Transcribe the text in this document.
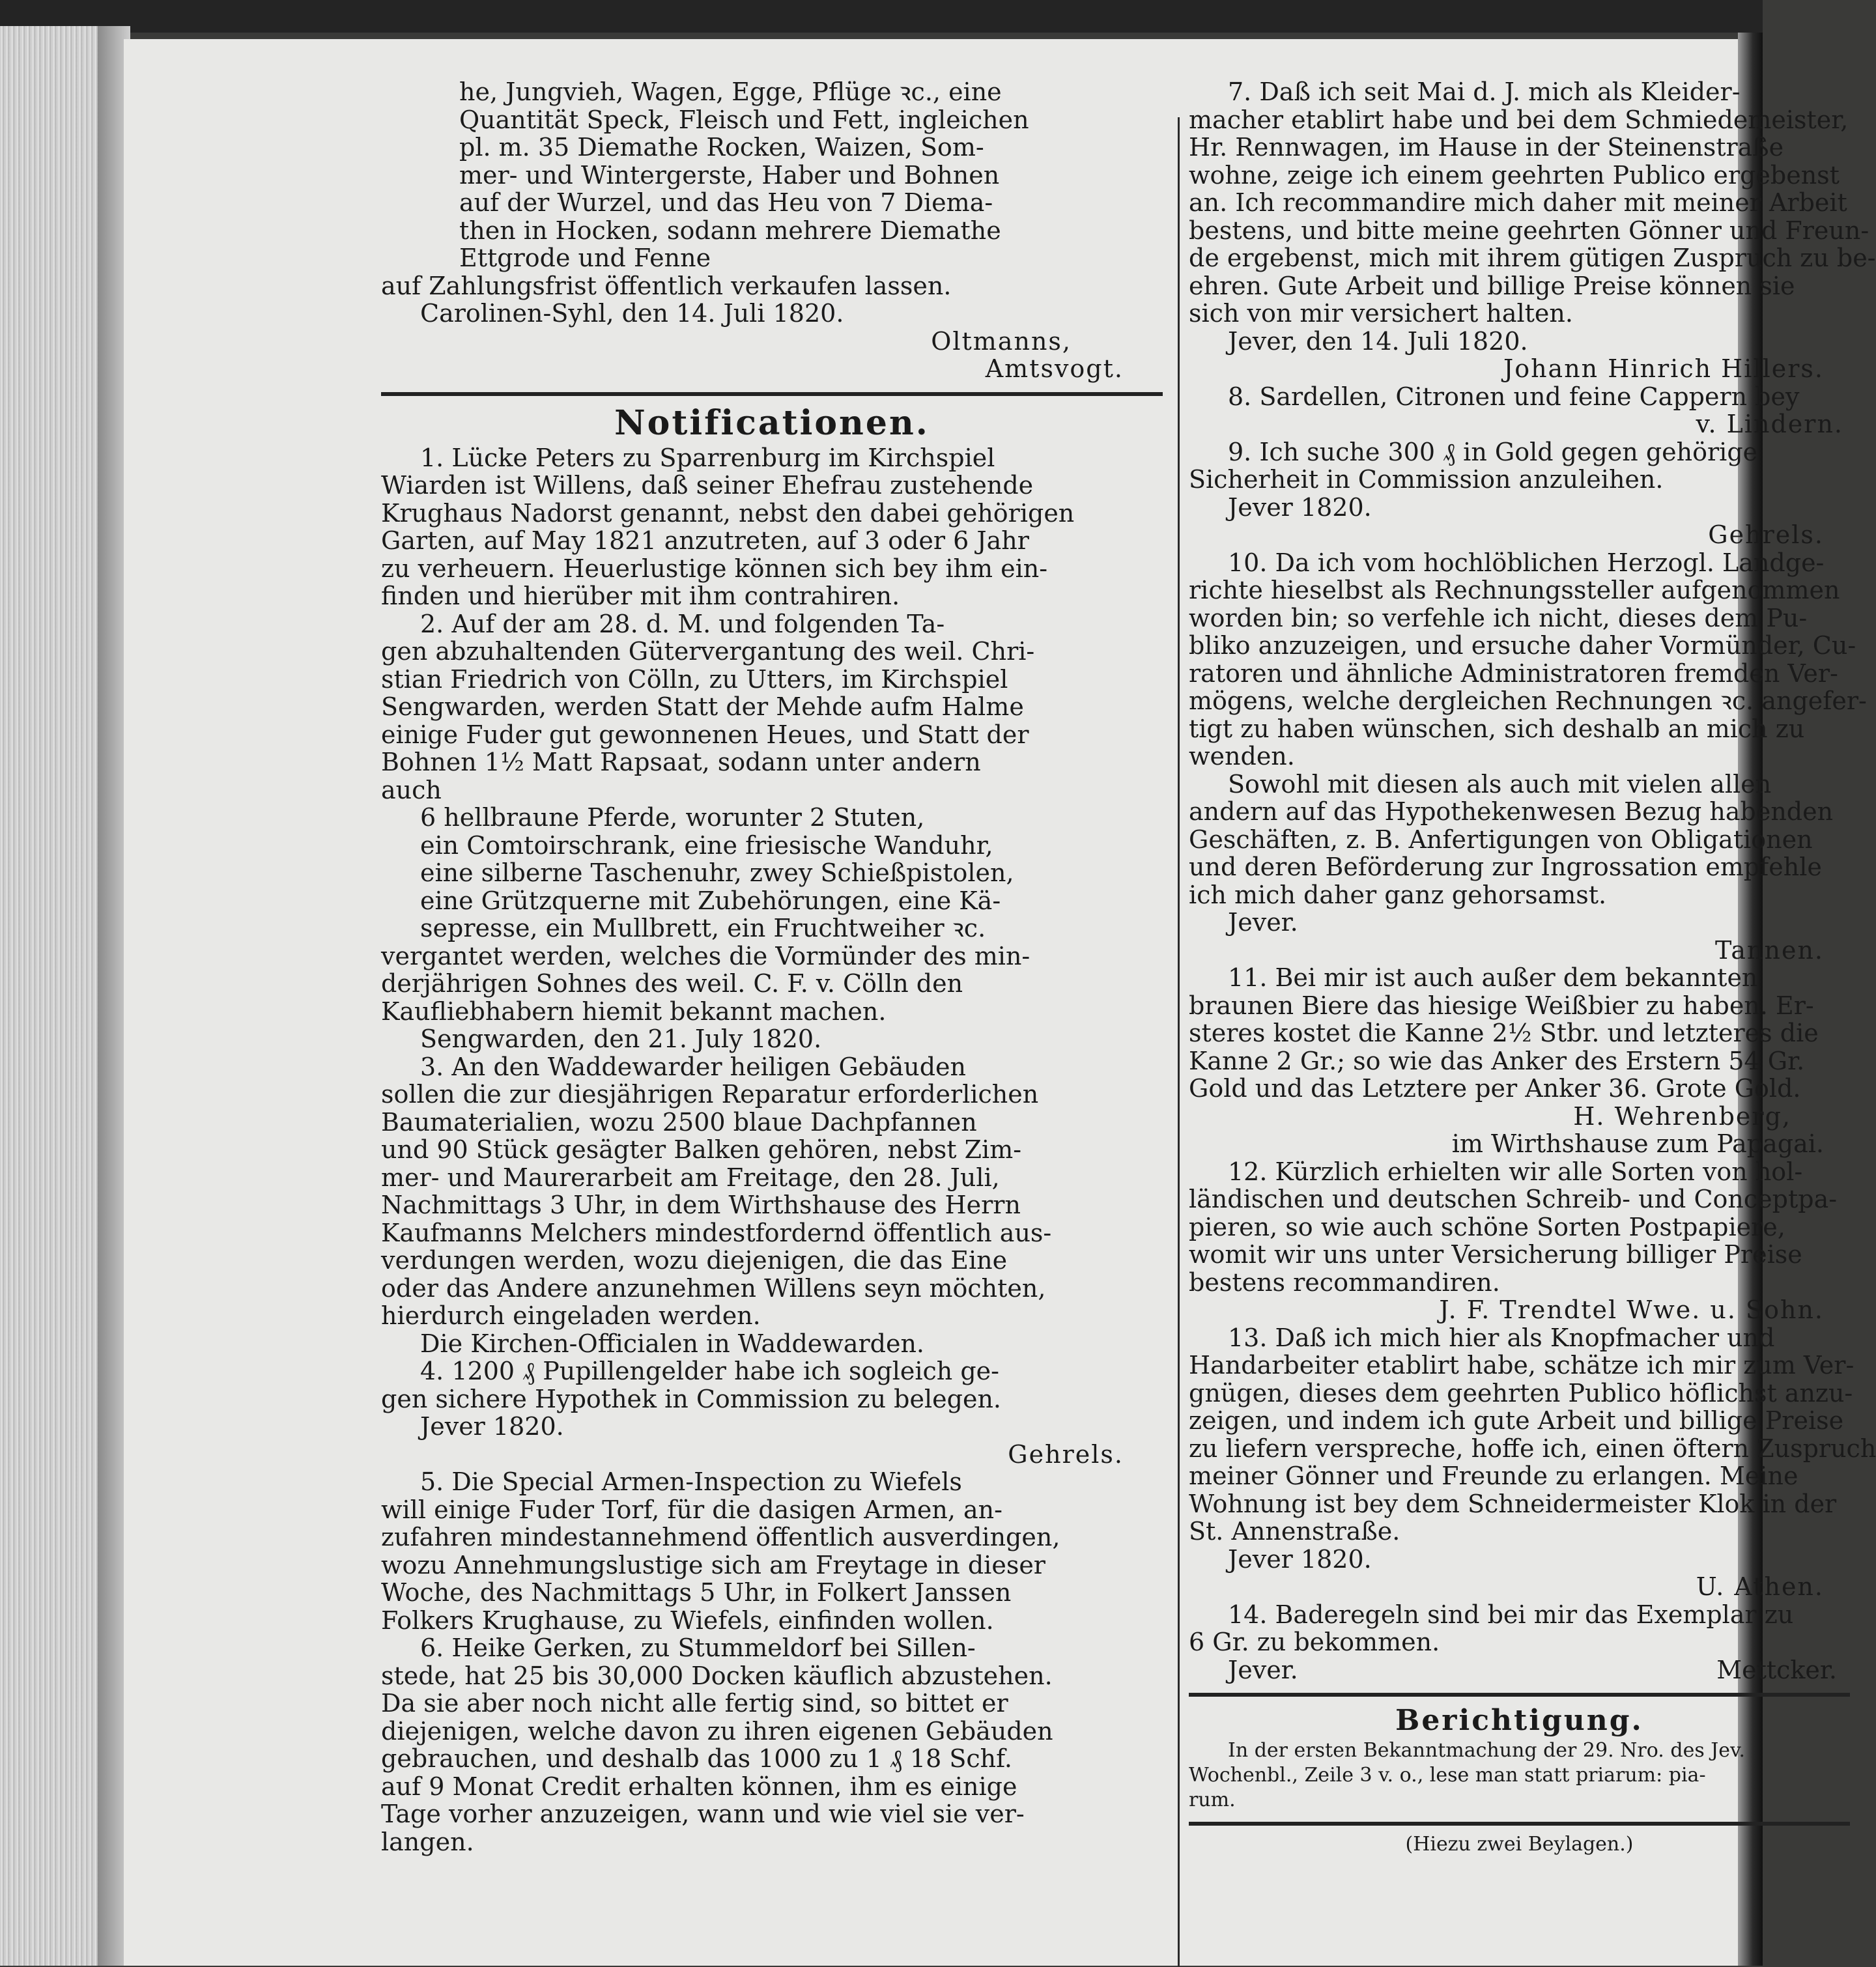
he, Jungvieh, Wagen, Egge, Pflüge ꝛc., eine
Quantität Speck, Fleisch und Fett, ingleichen
pl. m. 35 Diemathe Rocken, Waizen, Som-
mer- und Wintergerste, Haber und Bohnen
auf der Wurzel, und das Heu von 7 Diema-
then in Hocken, sodann mehrere Diemathe
Ettgrode und Fenne
auf Zahlungsfrist öffentlich verkaufen lassen.
Carolinen-Syhl, den 14. Juli 1820.
Oltmanns,
Amtsvogt.
Notificationen.
1. Lücke Peters zu Sparrenburg im Kirchspiel
Wiarden ist Willens, daß seiner Ehefrau zustehende
Krughaus Nadorst genannt, nebst den dabei gehörigen
Garten, auf May 1821 anzutreten, auf 3 oder 6 Jahr
zu verheuern. Heuerlustige können sich bey ihm ein-
finden und hierüber mit ihm contrahiren.
2. Auf der am 28. d. M. und folgenden Ta-
gen abzuhaltenden Gütervergantung des weil. Chri-
stian Friedrich von Cölln, zu Utters, im Kirchspiel
Sengwarden, werden Statt der Mehde aufm Halme
einige Fuder gut gewonnenen Heues, und Statt der
Bohnen 1½ Matt Rapsaat, sodann unter andern
auch
6 hellbraune Pferde, worunter 2 Stuten,
ein Comtoirschrank, eine friesische Wanduhr,
eine silberne Taschenuhr, zwey Schießpistolen,
eine Grützquerne mit Zubehörungen, eine Kä-
sepresse, ein Mullbrett, ein Fruchtweiher ꝛc.
vergantet werden, welches die Vormünder des min-
derjährigen Sohnes des weil. C. F. v. Cölln den
Kaufliebhabern hiemit bekannt machen.
Sengwarden, den 21. July 1820.
3. An den Waddewarder heiligen Gebäuden
sollen die zur diesjährigen Reparatur erforderlichen
Baumaterialien, wozu 2500 blaue Dachpfannen
und 90 Stück gesägter Balken gehören, nebst Zim-
mer- und Maurerarbeit am Freitage, den 28. Juli,
Nachmittags 3 Uhr, in dem Wirthshause des Herrn
Kaufmanns Melchers mindestfordernd öffentlich aus-
verdungen werden, wozu diejenigen, die das Eine
oder das Andere anzunehmen Willens seyn möchten,
hierdurch eingeladen werden.
Die Kirchen-Officialen in Waddewarden.
4. 1200 ₰ Pupillengelder habe ich sogleich ge-
gen sichere Hypothek in Commission zu belegen.
Jever 1820.
Gehrels.
5. Die Special Armen-Inspection zu Wiefels
will einige Fuder Torf, für die dasigen Armen, an-
zufahren mindestannehmend öffentlich ausverdingen,
wozu Annehmungslustige sich am Freytage in dieser
Woche, des Nachmittags 5 Uhr, in Folkert Janssen
Folkers Krughause, zu Wiefels, einfinden wollen.
6. Heike Gerken, zu Stummeldorf bei Sillen-
stede, hat 25 bis 30,000 Docken käuflich abzustehen.
Da sie aber noch nicht alle fertig sind, so bittet er
diejenigen, welche davon zu ihren eigenen Gebäuden
gebrauchen, und deshalb das 1000 zu 1 ₰ 18 Schf.
auf 9 Monat Credit erhalten können, ihm es einige
Tage vorher anzuzeigen, wann und wie viel sie ver-
langen.
7. Daß ich seit Mai d. J. mich als Kleider-
macher etablirt habe und bei dem Schmiedemeister,
Hr. Rennwagen, im Hause in der Steinenstraße
wohne, zeige ich einem geehrten Publico ergebenst
an. Ich recommandire mich daher mit meiner Arbeit
bestens, und bitte meine geehrten Gönner und Freun-
de ergebenst, mich mit ihrem gütigen Zuspruch zu be-
ehren. Gute Arbeit und billige Preise können sie
sich von mir versichert halten.
Jever, den 14. Juli 1820.
Johann Hinrich Hillers.
8. Sardellen, Citronen und feine Cappern bey
v. Lindern.
9. Ich suche 300 ₰ in Gold gegen gehörige
Sicherheit in Commission anzuleihen.
Jever 1820.
Gehrels.
10. Da ich vom hochlöblichen Herzogl. Landge-
richte hieselbst als Rechnungssteller aufgenommen
worden bin; so verfehle ich nicht, dieses dem Pu-
bliko anzuzeigen, und ersuche daher Vormünder, Cu-
ratoren und ähnliche Administratoren fremden Ver-
mögens, welche dergleichen Rechnungen ꝛc. angefer-
tigt zu haben wünschen, sich deshalb an mich zu
wenden.
Sowohl mit diesen als auch mit vielen allen
andern auf das Hypothekenwesen Bezug habenden
Geschäften, z. B. Anfertigungen von Obligationen
und deren Beförderung zur Ingrossation empfehle
ich mich daher ganz gehorsamst.
Jever.
Tannen.
11. Bei mir ist auch außer dem bekannten
braunen Biere das hiesige Weißbier zu haben. Er-
steres kostet die Kanne 2½ Stbr. und letzteres die
Kanne 2 Gr.; so wie das Anker des Erstern 54 Gr.
Gold und das Letztere per Anker 36. Grote Gold.
H. Wehrenberg,
im Wirthshause zum Papagai.
12. Kürzlich erhielten wir alle Sorten von hol-
ländischen und deutschen Schreib- und Conceptpa-
pieren, so wie auch schöne Sorten Postpapiere,
womit wir uns unter Versicherung billiger Preise
bestens recommandiren.
J. F. Trendtel Wwe. u. Sohn.
13. Daß ich mich hier als Knopfmacher und
Handarbeiter etablirt habe, schätze ich mir zum Ver-
gnügen, dieses dem geehrten Publico höflichst anzu-
zeigen, und indem ich gute Arbeit und billige Preise
zu liefern verspreche, hoffe ich, einen öftern Zuspruch
meiner Gönner und Freunde zu erlangen. Meine
Wohnung ist bey dem Schneidermeister Klok in der
St. Annenstraße.
Jever 1820.
U. Athen.
14. Baderegeln sind bei mir das Exemplar zu
6 Gr. zu bekommen.
Jever.	Mettcker.
Berichtigung.
In der ersten Bekanntmachung der 29. Nro. des Jev.
Wochenbl., Zeile 3 v. o., lese man statt priarum: pia-
rum.
(Hiezu zwei Beylagen.)
